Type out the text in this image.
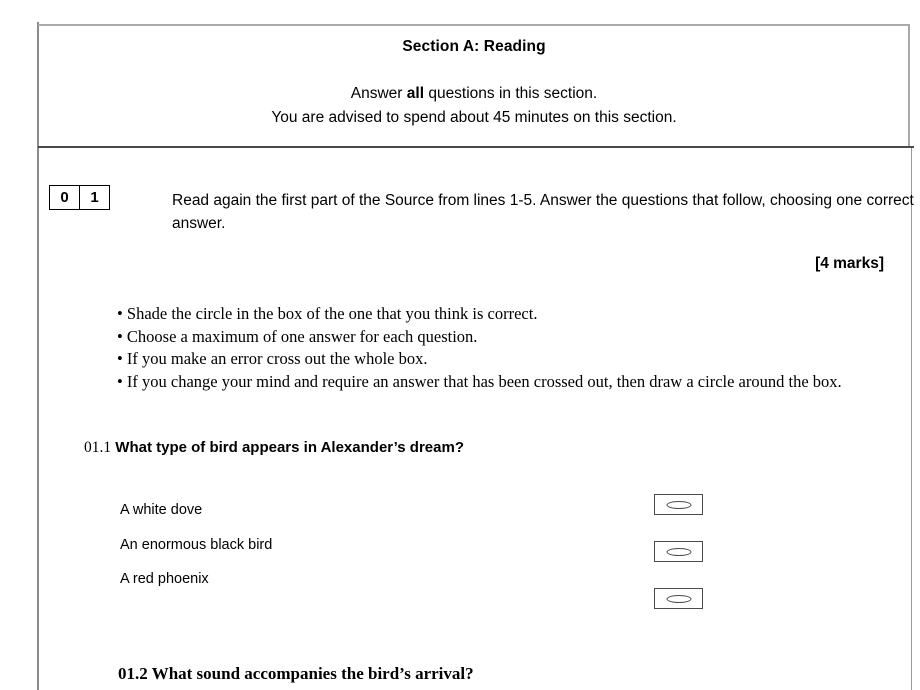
Section A: Reading
Answer all questions in this section.
You are advised to spend about 45 minutes on this section.
0	1	Read again the first part of the Source from lines 1-5. Answer the questions that follow, choosing one correct answer.
[4 marks]
• Shade the circle in the box of the one that you think is correct.
• Choose a maximum of one answer for each question.
• If you make an error cross out the whole box.
• If you change your mind and require an answer that has been crossed out, then draw a circle around the box.
01.1 What type of bird appears in Alexander’s dream?
A white dove
An enormous black bird
A red phoenix
01.2 What sound accompanies the bird’s arrival?
